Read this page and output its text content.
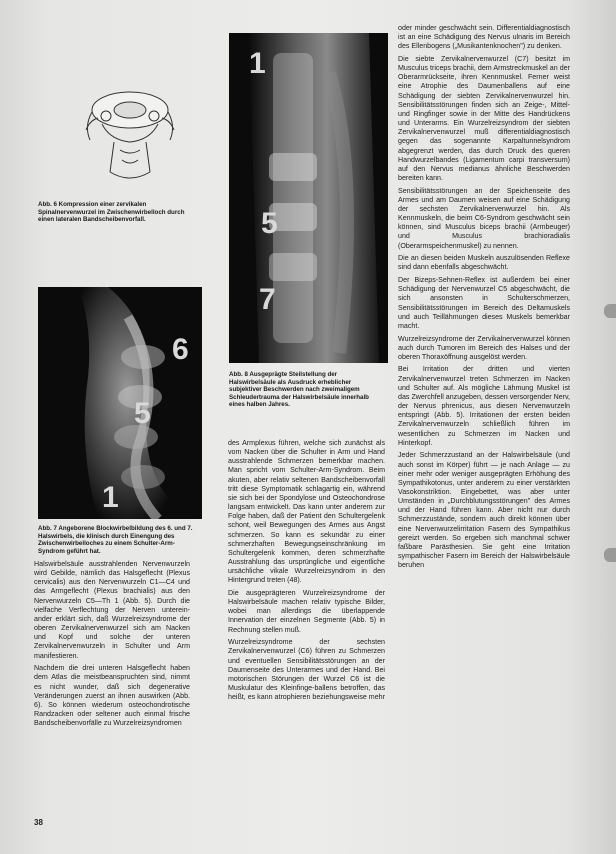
Abb. 6 Kompression einer zervikalen Spinalnervenwurzel im Zwischenwirbelloch durch einen lateralen Bandscheibenvorfall.
6
5
1
Abb. 7 Angeborene Blockwirbelbildung des 6. und 7. Halswirbels, die klinisch durch Einengung des Zwischenwirbelloches zu einem Schulter-Arm-Syndrom geführt hat.
1
5
7
Abb. 8 Ausgeprägte Steilstellung der Halswirbelsäule als Ausdruck erheblicher subjektiver Beschwerden nach zweimaligem Schleudertrauma der Halswirbelsäule innerhalb eines halben Jahres.

Halswirbelsäule ausstrahlenden Nervenwurzeln wird Gebilde, nämlich das Halsgeflecht (Plexus cervicalis) aus den Nervenwurzeln C1—C4 und das Armgeflecht (Plexus brachialis) aus den Nervenwurzeln C5—Th 1 (Abb. 5). Durch die vielfache Verflechtung der Nerven unterein- ander erklärt sich, daß Wurzelreizsyndrome der oberen Zervikalnervenwurzel sich am Nacken und Kopf und solche der unteren Zervikalnervenwurzeln in Schulter und Arm manifestieren.

Nachdem die drei unteren Halsgeflecht haben dem Atlas die meistbeanspruchten sind, nimmt es nicht wunder, daß sich degenerative Veränderungen zuerst an ihnen auswirken (Abb. 6). So können wiederum osteochondrotische Randzacken oder seltener auch einmal frische Bandscheibenvorfälle zu Wurzelreizsyndromen

des Armplexus führen, welche sich zunächst als vom Nacken über die Schulter in Arm und Hand ausstrahlende Schmerzen bemerkbar machen. Man spricht vom Schulter-Arm-Syndrom. Beim akuten, aber relativ seltenen Bandscheibenvorfall tritt diese Symptomatik schlagartig ein, während sie sich bei der Spondylose und Osteochondrose langsam entwickelt. Das kann unter anderem zur Folge haben, daß der Patient den Schultergelenk schont, weil Bewegungen des Armes aus Angst schmerzen. So kann es sekundär zu einer schmerzhaften Bewegungseinschränkung im Schultergelenk kommen, deren schmerzhafte Ausstrahlung das ursprüngliche und eigentliche ursächliche vikale Wurzelreizsyndrom in den Hintergrund treten (48).

Die ausgeprägteren Wurzelreizsyndrome der Halswirbelsäule machen relativ typische Bilder, wobei man allerdings die überlappende Innervation der einzelnen Segmente (Abb. 5) in Rechnung stellen muß.

Wurzelreizsyndrome der sechsten Zervikalnervenwurzel (C6) führen zu Schmerzen und eventuellen Sensibilitätsstörungen an der Daumenseite des Unterarmes und der Hand. Bei motorischen Störungen der Wurzel C6 ist die Muskulatur des Kleinfinge-ballens betroffen, das heißt, es kann atrophieren beziehungsweise mehr

oder minder geschwächt sein. Differentialdiagnostisch ist an eine Schädigung des Nervus ulnaris im Bereich des Ellenbogens („Musikantenknochen") zu denken.

Die siebte Zervikalnervenwurzel (C7) besitzt im Musculus triceps brachii, dem Armstreckmuskel an der Oberarmrückseite, ihren Kennmuskel. Ferner weist eine Atrophie des Daumenballens auf eine Schädigung der siebten Zervikalnervenwurzel hin. Sensibilitätsstörungen finden sich an Zeige-, Mittel- und Ringfinger sowie in der Mitte des Handrückens und Unterarms. Ein Wurzelreizsyndrom der siebten Zervikalnervenwurzel muß differentialdiagnostisch gegen das sogenannte Karpaltunnelsyndrom abgegrenzt werden, das durch Druck des queren Handwurzelbandes (Ligamentum carpi transversum) auf den Nervus medianus ähnliche Beschwerden bereiten kann.

Sensibilitätsstörungen an der Speichenseite des Armes und am Daumen weisen auf eine Schädigung der sechsten Zervikalnervenwurzel hin. Als Kennmuskeln, die beim C6-Syndrom geschwächt sein können, sind Musculus biceps brachii (Armbeuger) und Musculus brachioradialis (Oberarmspeichenmuskel) zu nennen.

Die an diesen beiden Muskeln auszulösenden Reflexe sind dann ebenfalls abgeschwächt.

Der Bizeps-Sehnen-Reflex ist außerdem bei einer Schädigung der Nervenwurzel C5 abgeschwächt, die sich ansonsten in Schulterschmerzen, Sensibilitätsstörungen im Bereich des Deltamuskels und auch Teillähmungen dieses Muskels bemerkbar macht.

Wurzelreizsyndrome der Zervikalnervenwurzel können auch durch Tumoren im Bereich des Halses und der oberen Thoraxöffnung ausgelöst werden.

Bei Irritation der dritten und vierten Zervikalnervenwurzel treten Schmerzen im Nacken und Schulter auf. Als mögliche Lähmung Muskel ist das Zwerchfell anzugeben, dessen versorgender Nerv, der Nervus phrenicus, aus diesen Nervenwurzeln entspringt (Abb. 5). Irritationen der ersten beiden Zervikalnervenwurzeln schließlich führen im wesentlichen zu Schmerzen im Nacken und Hinterkopf.

Jeder Schmerzzustand an der Halswirbelsäule (und auch sonst im Körper) führt — je nach Anlage — zu einer mehr oder weniger ausgeprägten Erhöhung des Sympathikotonus, unter anderem zu einer verstärkten Vasokonstriktion. Eingebettet, was aber unter Umständen in „Durchblutungsstörungen" des Armes und der Hand führen kann. Aber nicht nur durch Schmerzzustände, sondern auch direkt können über eine Nervenwurzelirritation Fasern des Sympathikus gereizt werden. So ergeben sich manchmal schwer faßbare Parästhesien. Sie geht eine Irritation sympathischer Fasern im Bereich der Halswirbelsäule beruhen

38
